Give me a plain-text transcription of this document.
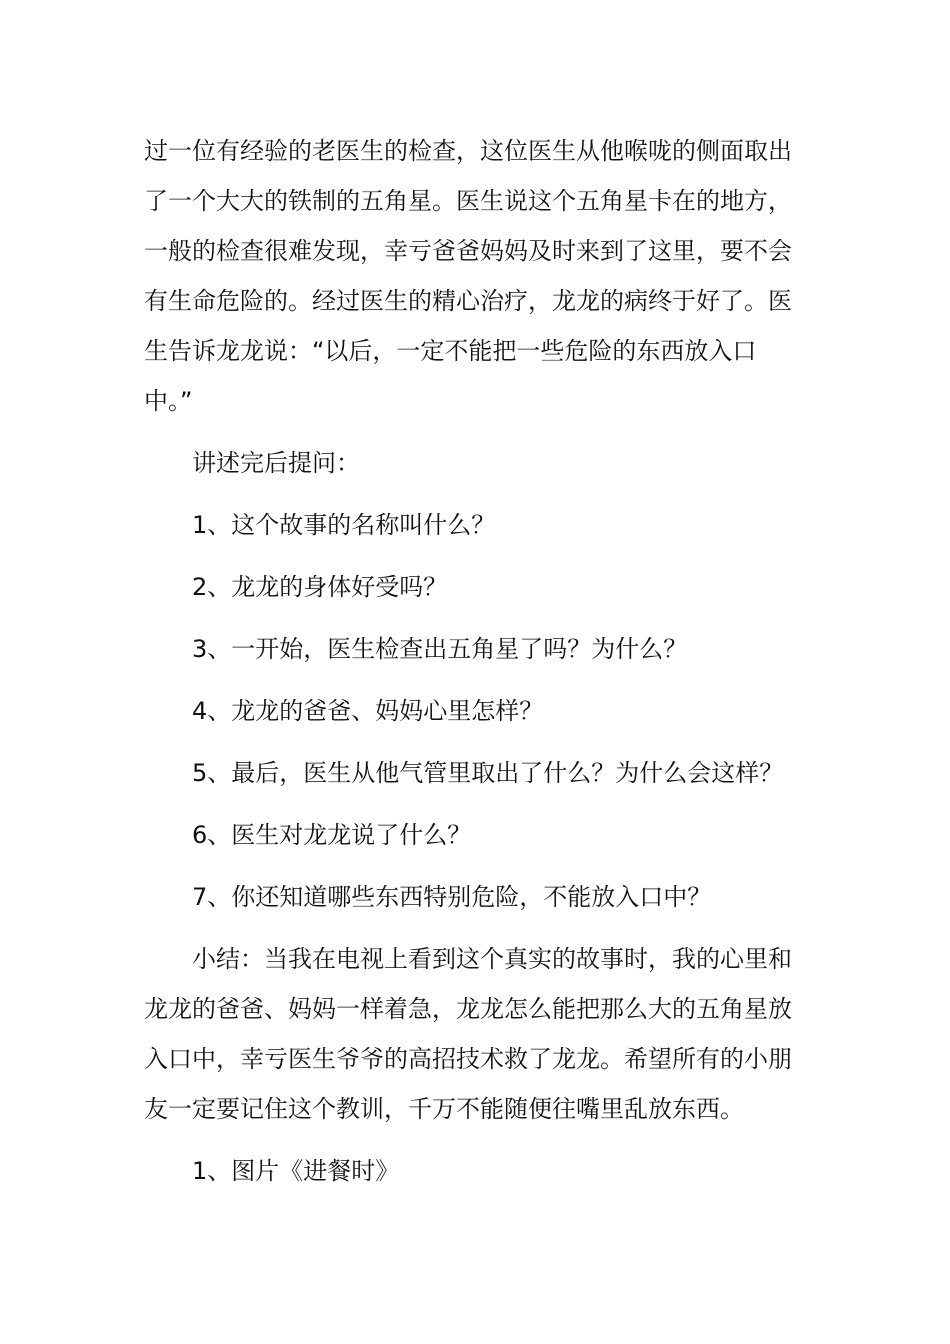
过一位有经验的老医生的检查，这位医生从他喉咙的侧面取出
了一个大大的铁制的五角星。医生说这个五角星卡在的地方，
一般的检查很难发现，幸亏爸爸妈妈及时来到了这里，要不会
有生命危险的。经过医生的精心治疗，龙龙的病终于好了。医
生告诉龙龙说：“以后，一定不能把一些危险的东西放入口
中。”

讲述完后提问：

1、这个故事的名称叫什么？

2、龙龙的身体好受吗？

3、一开始，医生检查出五角星了吗？为什么？

4、龙龙的爸爸、妈妈心里怎样？

5、最后，医生从他气管里取出了什么？为什么会这样？

6、医生对龙龙说了什么？

7、你还知道哪些东西特别危险，不能放入口中？

小结：当我在电视上看到这个真实的故事时，我的心里和
龙龙的爸爸、妈妈一样着急，龙龙怎么能把那么大的五角星放
入口中，幸亏医生爷爷的高招技术救了龙龙。希望所有的小朋
友一定要记住这个教训，千万不能随便往嘴里乱放东西。

1、图片《进餐时》
